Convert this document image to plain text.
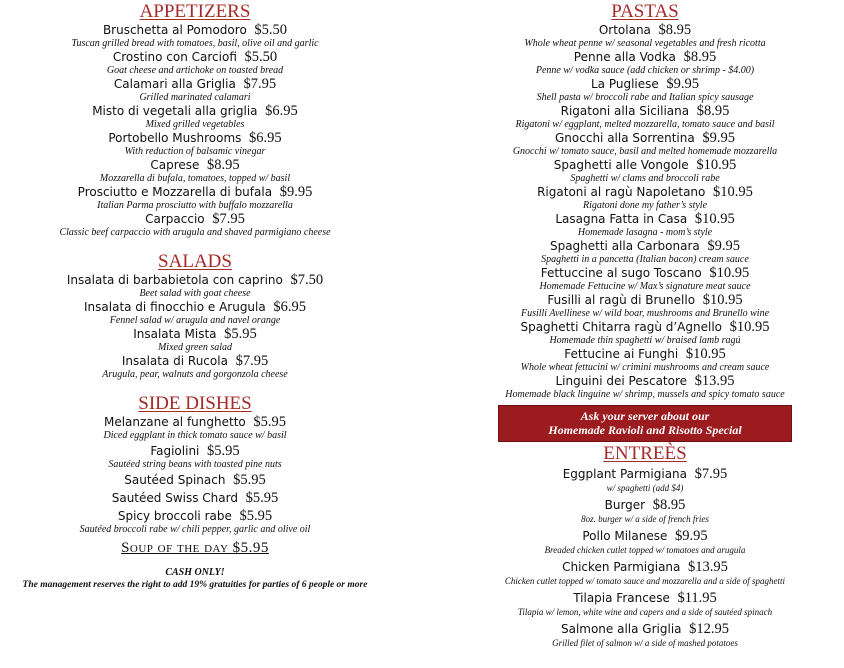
APPETIZERS
Bruschetta al Pomodoro $5.50
Tuscan grilled bread with tomatoes, basil, olive oil and garlic
Crostino con Carciofi $5.50
Goat cheese and artichoke on toasted bread
Calamari alla Griglia $7.95
Grilled marinated calamari
Misto di vegetali alla griglia $6.95
Mixed grilled vegetables
Portobello Mushrooms $6.95
With reduction of balsamic vinegar
Caprese $8.95
Mozzarella di bufala, tomatoes, topped w/ basil
Prosciutto e Mozzarella di bufala $9.95
Italian Parma prosciutto with buffalo mozzarella
Carpaccio $7.95
Classic beef carpaccio with arugula and shaved parmigiano cheese
SALADS
Insalata di barbabietola con caprino $7.50
Beet salad with goat cheese
Insalata di finocchio e Arugula $6.95
Fennel salad w/ arugula and navel orange
Insalata Mista $5.95
Mixed green salad
Insalata di Rucola $7.95
Arugula, pear, walnuts and gorgonzola cheese
SIDE DISHES
Melanzane al funghetto $5.95
Diced eggplant in thick tomato sauce w/ basil
Fagiolini $5.95
Sautéed string beans with toasted pine nuts
Sautéed Spinach $5.95
Sautéed Swiss Chard $5.95
Spicy broccoli rabe $5.95
Sautéed broccoli rabe w/ chili pepper, garlic and olive oil
Soup of the day $5.95
CASH ONLY!
The management reserves the right to add 19% gratuities for parties of 6 people or more
PASTAS
Ortolana $8.95
Whole wheat penne w/ seasonal vegetables and fresh ricotta
Penne alla Vodka $8.95
Penne w/ vodka sauce (add chicken or shrimp - $4.00)
La Pugliese $9.95
Shell pasta w/ broccoli rabe and Italian spicy sausage
Rigatoni alla Siciliana $8.95
Rigatoni w/ eggplant, melted mozzarella, tomato sauce and basil
Gnocchi alla Sorrentina $9.95
Gnocchi w/ tomato sauce, basil and melted homemade mozzarella
Spaghetti alle Vongole $10.95
Spaghetti w/ clams and broccoli rabe
Rigatoni al ragù Napoletano $10.95
Rigatoni done my father’s style
Lasagna Fatta in Casa $10.95
Homemade lasagna - mom’s style
Spaghetti alla Carbonara $9.95
Spaghetti in a pancetta (Italian bacon) cream sauce
Fettuccine al sugo Toscano $10.95
Homemade Fettucine w/ Max’s signature meat sauce
Fusilli al ragù di Brunello $10.95
Fusilli Avellinese w/ wild boar, mushrooms and Brunello wine
Spaghetti Chitarra ragù d’Agnello $10.95
Homemade thin spaghetti w/ braised lamb ragú
Fettucine ai Funghi $10.95
Whole wheat fettucini w/ crimini mushrooms and cream sauce
Linguini dei Pescatore $13.95
Homemade black linguine w/ shrimp, mussels and spicy tomato sauce
Ask your server about our
Homemade Ravioli and Risotto Special
ENTREÈS
Eggplant Parmigiana $7.95
w/ spaghetti (add $4)
Burger $8.95
8oz. burger w/ a side of french fries
Pollo Milanese $9.95
Breaded chicken cutlet topped w/ tomatoes and arugula
Chicken Parmigiana $13.95
Chicken cutlet topped w/ tomato sauce and mozzarella and a side of spaghetti
Tilapia Francese $11.95
Tilapia w/ lemon, white wine and capers and a side of sautéed spinach
Salmone alla Griglia $12.95
Grilled filet of salmon w/ a side of mashed potatoes
